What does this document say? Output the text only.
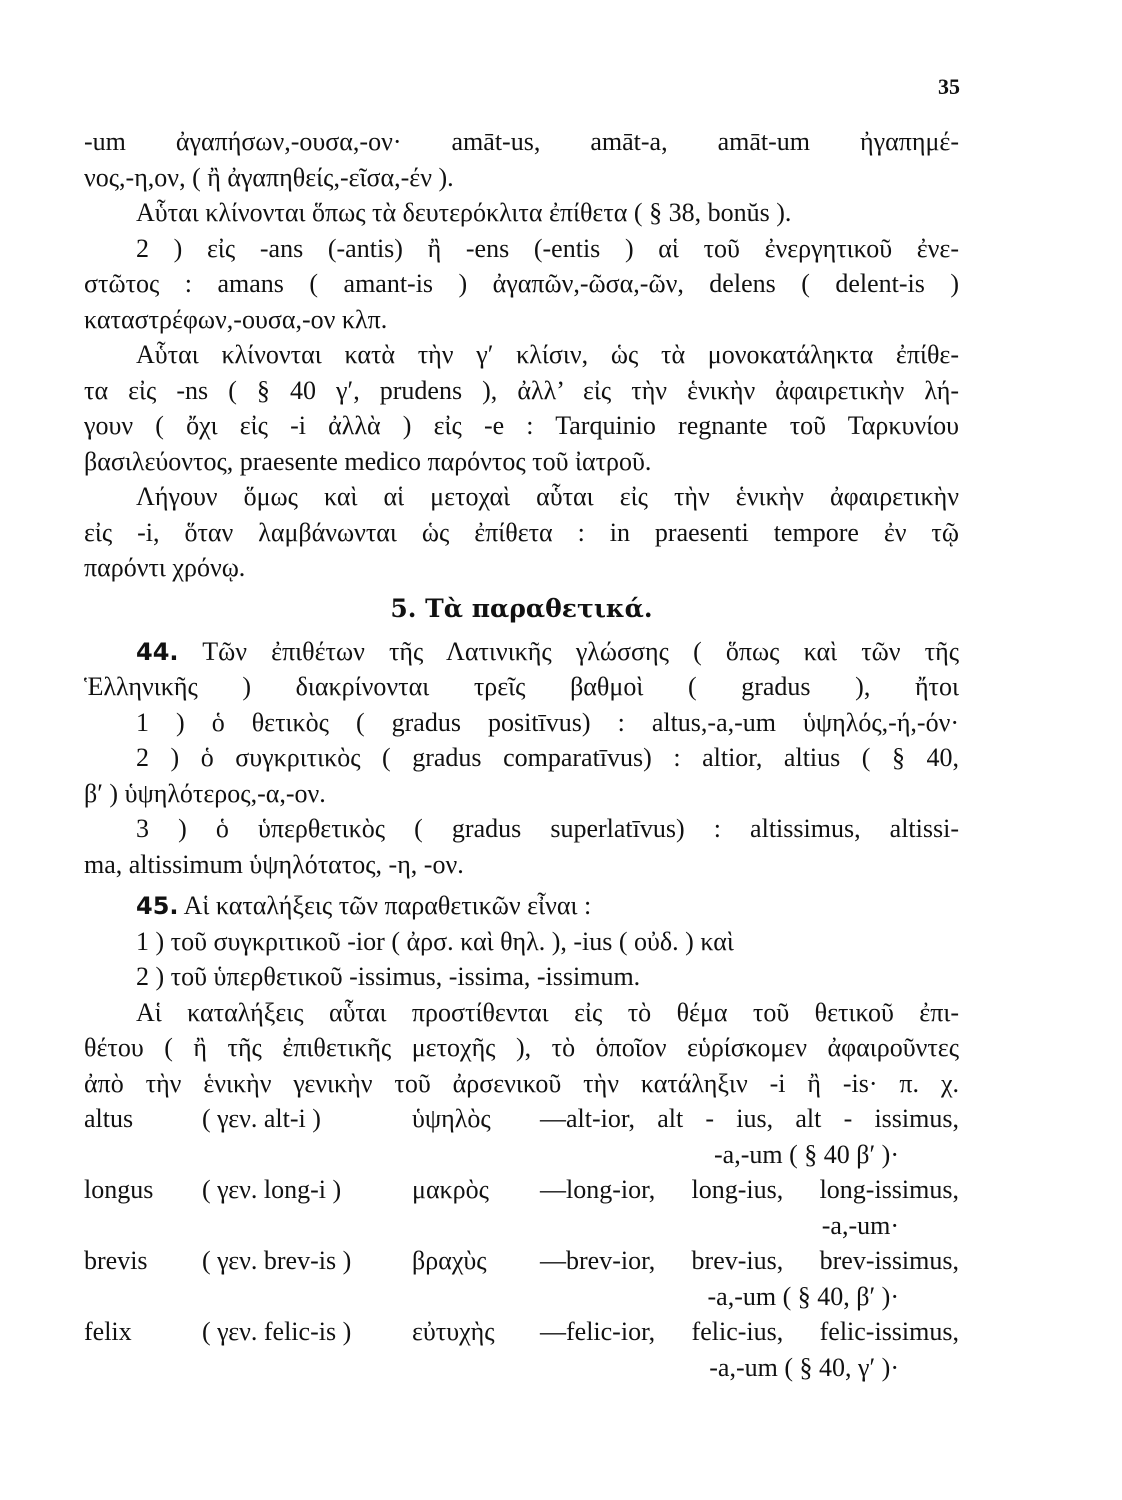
35
-um ἀγαπήσων,-ουσα,-ον· amāt-us, amāt-a, amāt-um ἠγαπημέ-
νος,-η,ον, ( ἢ ἀγαπηθείς,-εῖσα,-έν ).
Αὗται κλίνονται ὅπως τὰ δευτερόκλιτα ἐπίθετα ( § 38, bonŭs ).
2 ) εἰς -ans (-antis) ἢ -ens (-entis ) αἱ τοῦ ἐνεργητικοῦ ἐνε-
στῶτος : amans ( amant-is ) ἀγαπῶν,-ῶσα,-ῶν, delens ( delent-is )
καταστρέφων,-ουσα,-ον κλπ.
Αὗται κλίνονται κατὰ τὴν γ′ κλίσιν, ὡς τὰ μονοκατάληκτα ἐπίθε-
τα εἰς -ns ( § 40 γ′, prudens ), ἀλλ’ εἰς τὴν ἑνικὴν ἀφαιρετικὴν λή-
γουν ( ὄχι εἰς -i ἀλλὰ ) εἰς -e : Tarquinio regnante τοῦ Ταρκυνίου
βασιλεύοντος, praesente medico παρόντος τοῦ ἰατροῦ.
Λήγουν ὅμως καὶ αἱ μετοχαὶ αὗται εἰς τὴν ἑνικὴν ἀφαιρετικὴν
εἰς -i, ὅταν λαμβάνωνται ὡς ἐπίθετα : in praesenti tempore ἐν τῷ
παρόντι χρόνῳ.
5. Τὰ παραθετικά.
44. Τῶν ἐπιθέτων τῆς Λατινικῆς γλώσσης ( ὅπως καὶ τῶν τῆς
Ἑλληνικῆς ) διακρίνονται τρεῖς βαθμοὶ ( gradus ), ἤτοι
1 ) ὁ θετικὸς ( gradus positīvus) : altus,-a,-um ὑψηλός,-ή,-όν·
2 ) ὁ συγκριτικὸς ( gradus comparatīvus) : altior, altius ( § 40,
β′ ) ὑψηλότερος,-α,-ον.
3 ) ὁ ὑπερθετικὸς ( gradus superlatīvus) : altissimus, altissi-
ma, altissimum ὑψηλότατος, -η, -ον.
45. Αἱ καταλήξεις τῶν παραθετικῶν εἶναι :
1 ) τοῦ συγκριτικοῦ -ior ( ἀρσ. καὶ θηλ. ), -ius ( οὐδ. ) καὶ
2 ) τοῦ ὑπερθετικοῦ -issimus, -issima, -issimum.
Αἱ καταλήξεις αὗται προστίθενται εἰς τὸ θέμα τοῦ θετικοῦ ἐπι-
θέτου ( ἢ τῆς ἐπιθετικῆς μετοχῆς ), τὸ ὁποῖον εὑρίσκομεν ἀφαιροῦντες
ἀπὸ τὴν ἑνικὴν γενικὴν τοῦ ἀρσενικοῦ τὴν κατάληξιν -i ἢ -is· π. χ.
altus	( γεν. alt-i )	ὑψηλὸς	—alt-ior, alt - ius, alt - issimus,
-a,-um ( § 40 β′ )·
longus	( γεν. long-i )	μακρὸς	—long-ior, long-ius, long-issimus,
-a,-um·
brevis	( γεν. brev-is )	βραχὺς	—brev-ior, brev-ius, brev-issimus,
-a,-um ( § 40, β′ )·
felix	( γεν. felic-is )	εὐτυχὴς	—felic-ior, felic-ius, felic-issimus,
-a,-um ( § 40, γ′ )·
